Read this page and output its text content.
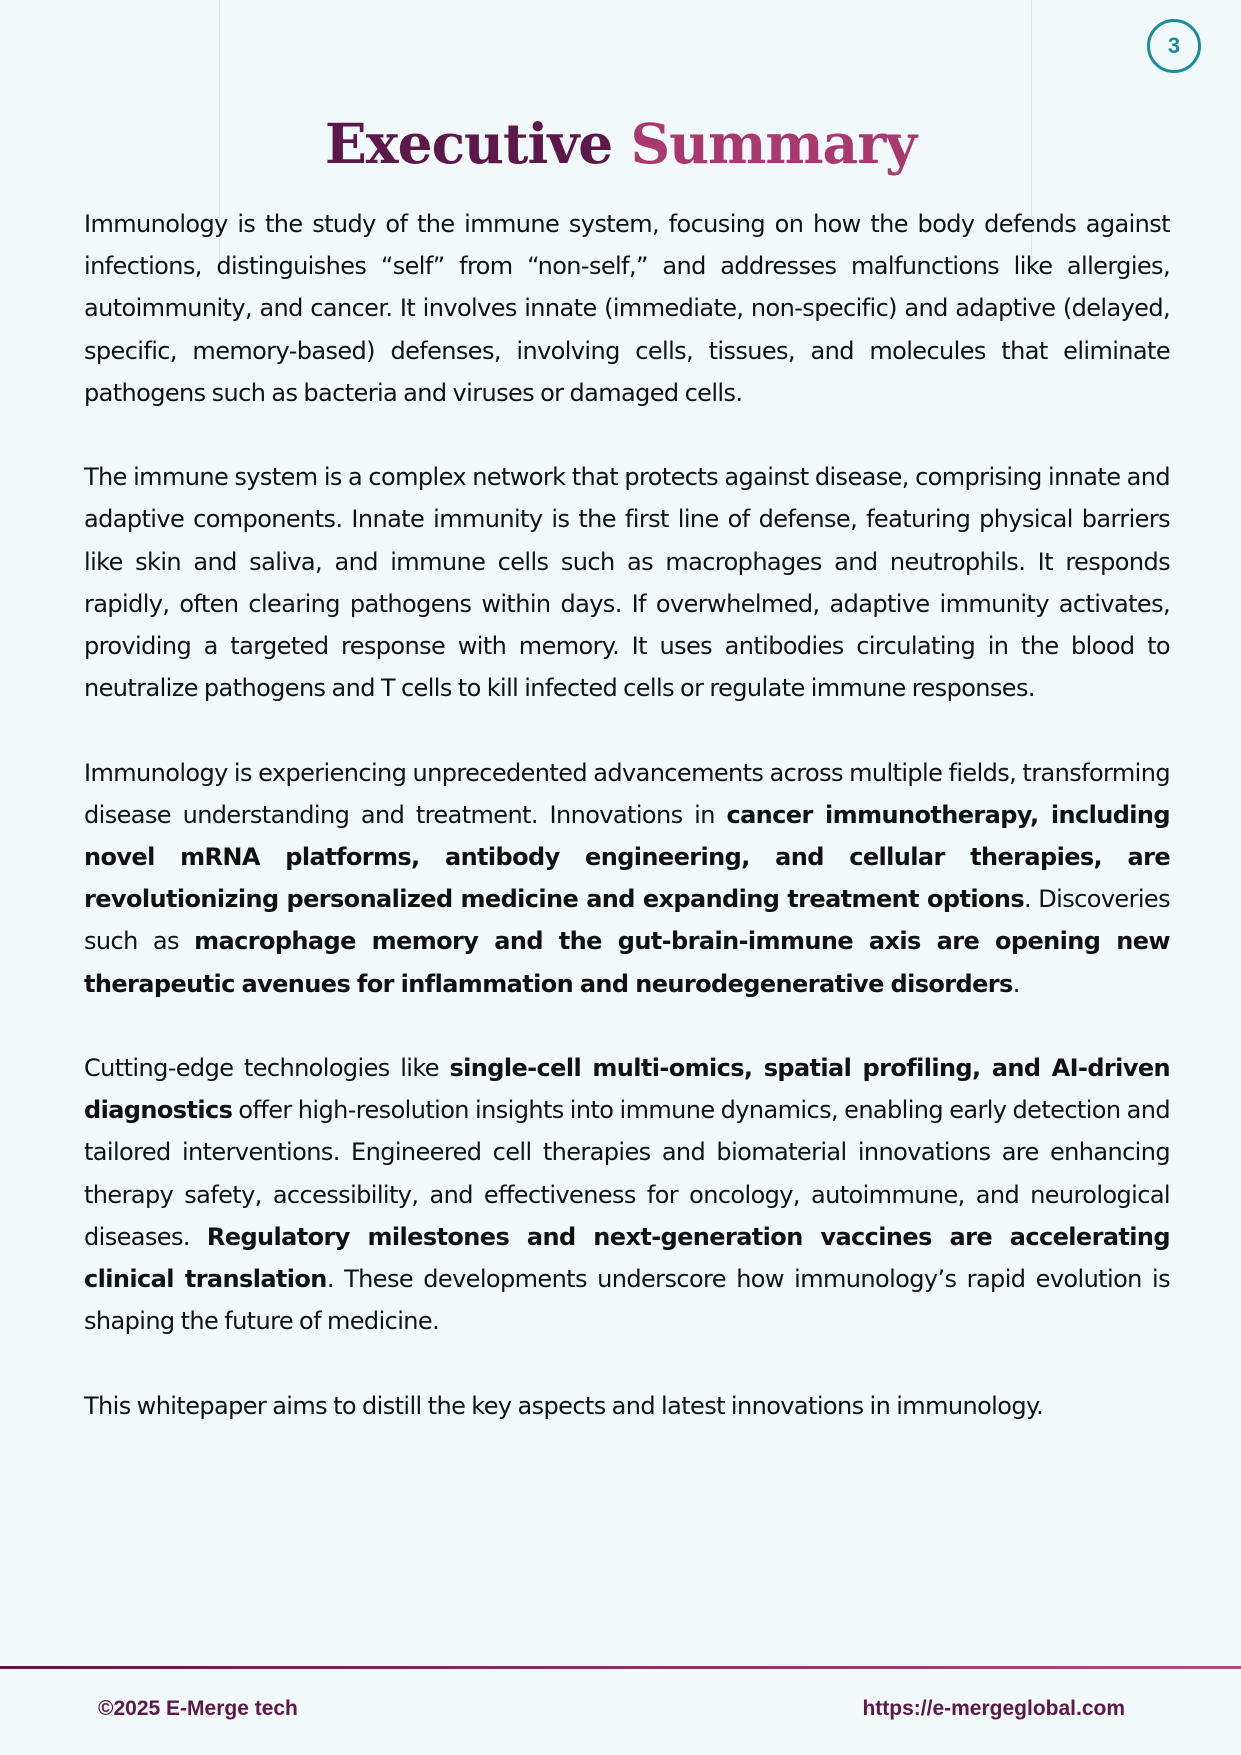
3
Executive Summary

Immunology is the study of the immune system, focusing on how the body defends against infections, distinguishes “self” from “non-self,” and addresses malfunctions like allergies, autoimmunity, and cancer. It involves innate (immediate, non-specific) and adaptive (delayed, specific, memory-based) defenses, involving cells, tissues, and molecules that eliminate pathogens such as bacteria and viruses or damaged cells.

The immune system is a complex network that protects against disease, comprising innate and adaptive components. Innate immunity is the first line of defense, featuring physical barriers like skin and saliva, and immune cells such as macrophages and neutrophils. It responds rapidly, often clearing pathogens within days. If overwhelmed, adaptive immunity activates, providing a targeted response with memory. It uses antibodies circulating in the blood to neutralize pathogens and T cells to kill infected cells or regulate immune responses.

Immunology is experiencing unprecedented advancements across multiple fields, transforming disease understanding and treatment. Innovations in cancer immunotherapy, including novel mRNA platforms, antibody engineering, and cellular therapies, are revolutionizing personalized medicine and expanding treatment options. Discoveries such as macrophage memory and the gut-brain-immune axis are opening new therapeutic avenues for inflammation and neurodegenerative disorders.

Cutting-edge technologies like single-cell multi-omics, spatial profiling, and AI-driven diagnostics offer high-resolution insights into immune dynamics, enabling early detection and tailored interventions. Engineered cell therapies and biomaterial innovations are enhancing therapy safety, accessibility, and effectiveness for oncology, autoimmune, and neurological diseases. Regulatory milestones and next-generation vaccines are accelerating clinical translation. These developments underscore how immunology’s rapid evolution is shaping the future of medicine.

This whitepaper aims to distill the key aspects and latest innovations in immunology.

©2025 E-Merge tech	https://e-mergeglobal.com
